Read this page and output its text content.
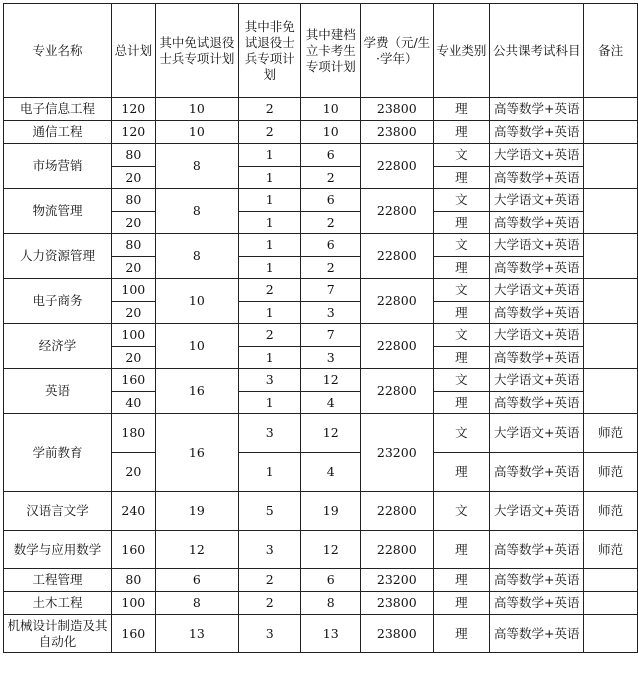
专业名称	总计划	其中免试退役士兵专项计划	其中非免试退役士兵专项计划	其中建档立卡考生专项计划	学费（元/生·学年）	专业类别	公共课考试科目	备注
电子信息工程	120	10	2	10	23800	理	高等数学+英语	
通信工程	120	10	2	10	23800	理	高等数学+英语	
市场营销	80	8	1	6	22800	文	大学语文+英语	
	20		1	2		理	高等数学+英语	
物流管理	80	8	1	6	22800	文	大学语文+英语	
	20		1	2		理	高等数学+英语	
人力资源管理	80	8	1	6	22800	文	大学语文+英语	
	20		1	2		理	高等数学+英语	
电子商务	100	10	2	7	22800	文	大学语文+英语	
	20		1	3		理	高等数学+英语	
经济学	100	10	2	7	22800	文	大学语文+英语	
	20		1	3		理	高等数学+英语	
英语	160	16	3	12	22800	文	大学语文+英语	
	40		1	4		理	高等数学+英语	
学前教育	180	16	3	12	23200	文	大学语文+英语	师范
	20		1	4		理	高等数学+英语	师范
汉语言文学	240	19	5	19	22800	文	大学语文+英语	师范
数学与应用数学	160	12	3	12	22800	理	高等数学+英语	师范
工程管理	80	6	2	6	23200	理	高等数学+英语	
土木工程	100	8	2	8	23800	理	高等数学+英语	
机械设计制造及其自动化	160	13	3	13	23800	理	高等数学+英语	
